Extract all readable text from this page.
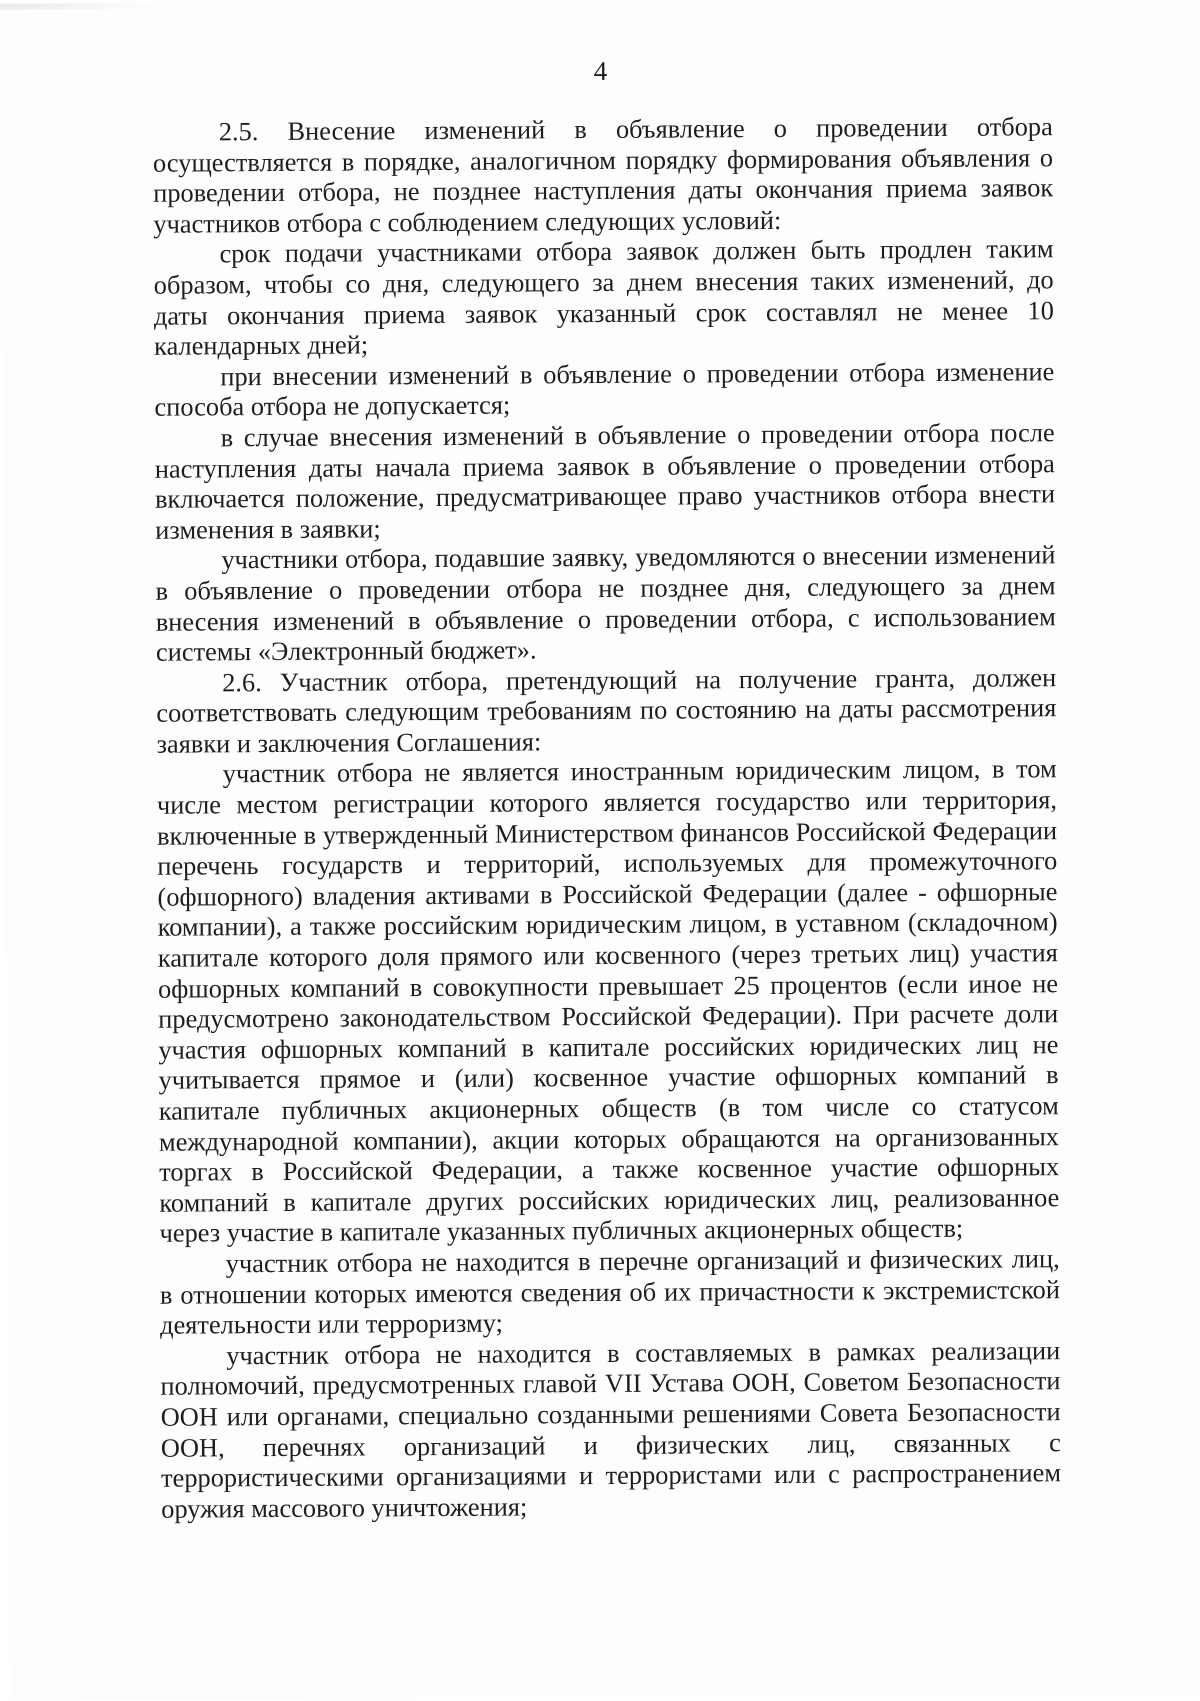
4

2.5. Внесение изменений в объявление о проведении отбора осуществляется в порядке, аналогичном порядку формирования объявления о проведении отбора, не позднее наступления даты окончания приема заявок участников отбора с соблюдением следующих условий:

срок подачи участниками отбора заявок должен быть продлен таким образом, чтобы со дня, следующего за днем внесения таких изменений, до даты окончания приема заявок указанный срок составлял не менее 10 календарных дней;

при внесении изменений в объявление о проведении отбора изменение способа отбора не допускается;

в случае внесения изменений в объявление о проведении отбора после наступления даты начала приема заявок в объявление о проведении отбора включается положение, предусматривающее право участников отбора внести изменения в заявки;

участники отбора, подавшие заявку, уведомляются о внесении изменений в объявление о проведении отбора не позднее дня, следующего за днем внесения изменений в объявление о проведении отбора, с использованием системы «Электронный бюджет».

2.6. Участник отбора, претендующий на получение гранта, должен соответствовать следующим требованиям по состоянию на даты рассмотрения заявки и заключения Соглашения:

участник отбора не является иностранным юридическим лицом, в том числе местом регистрации которого является государство или территория, включенные в утвержденный Министерством финансов Российской Федерации перечень государств и территорий, используемых для промежуточного (офшорного) владения активами в Российской Федерации (далее - офшорные компании), а также российским юридическим лицом, в уставном (складочном) капитале которого доля прямого или косвенного (через третьих лиц) участия офшорных компаний в совокупности превышает 25 процентов (если иное не предусмотрено законодательством Российской Федерации). При расчете доли участия офшорных компаний в капитале российских юридических лиц не учитывается прямое и (или) косвенное участие офшорных компаний в капитале публичных акционерных обществ (в том числе со статусом международной компании), акции которых обращаются на организованных торгах в Российской Федерации, а также косвенное участие офшорных компаний в капитале других российских юридических лиц, реализованное через участие в капитале указанных публичных акционерных обществ;

участник отбора не находится в перечне организаций и физических лиц, в отношении которых имеются сведения об их причастности к экстремистской деятельности или терроризму;

участник отбора не находится в составляемых в рамках реализации полномочий, предусмотренных главой VII Устава ООН, Советом Безопасности ООН или органами, специально созданными решениями Совета Безопасности ООН, перечнях организаций и физических лиц, связанных с террористическими организациями и террористами или с распространением оружия массового уничтожения;
